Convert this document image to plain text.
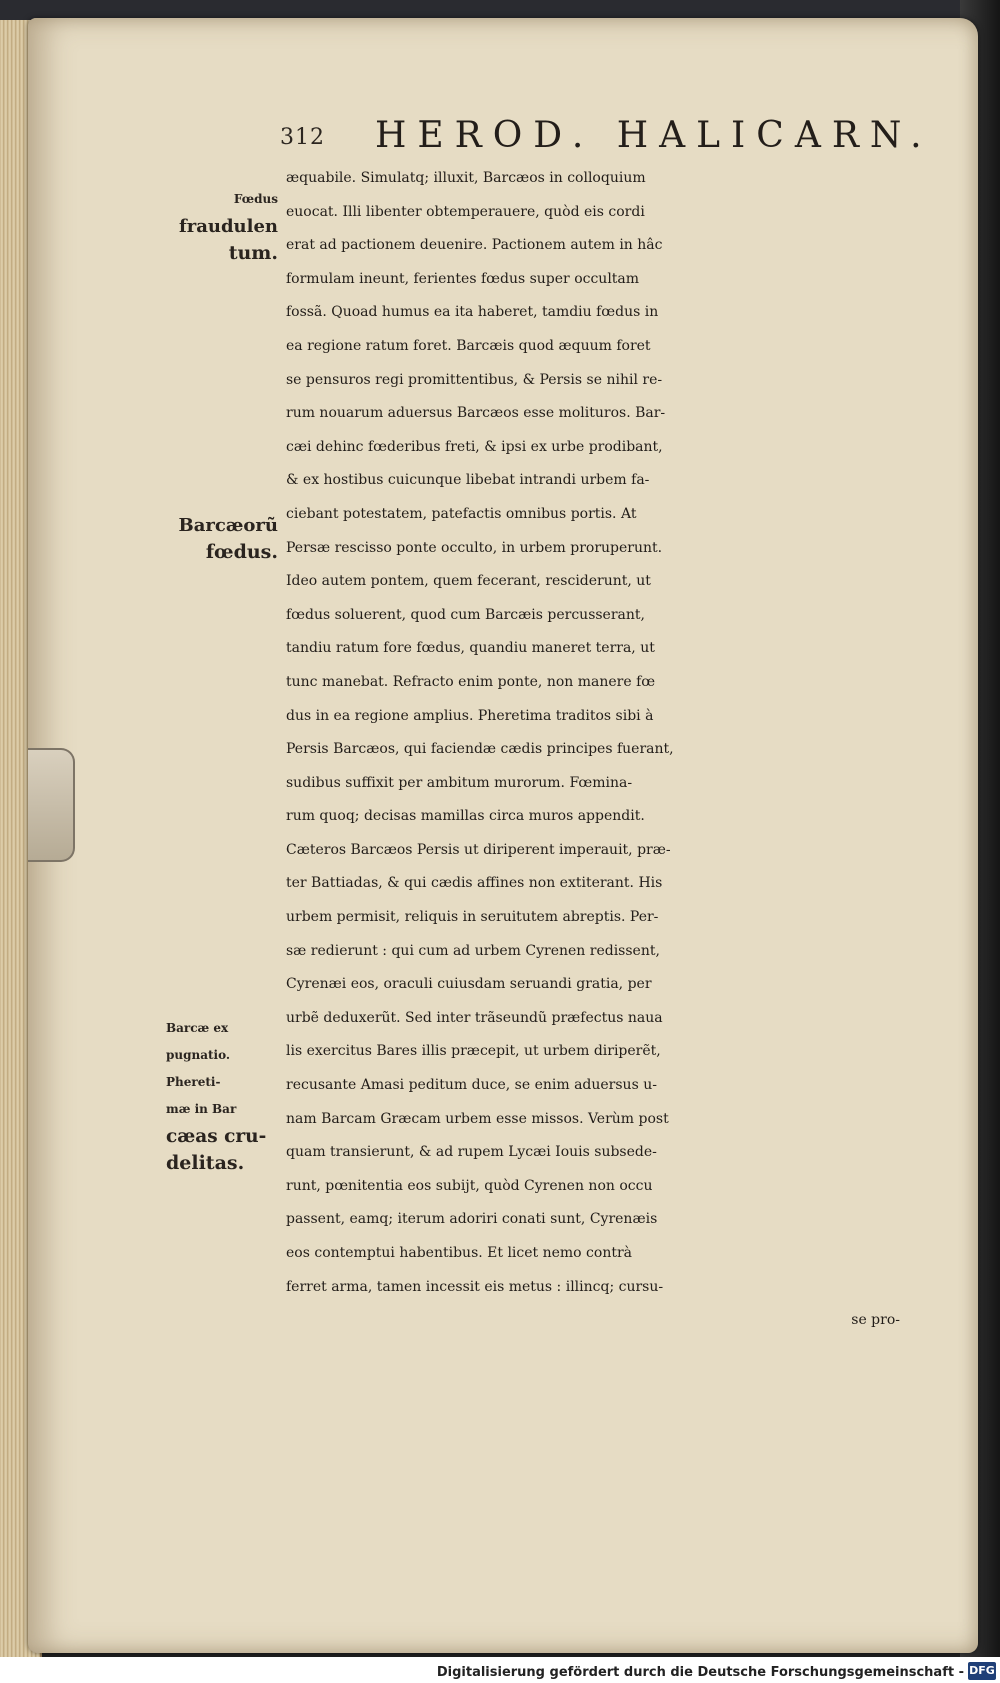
312 HEROD. HALICARN.
Fœdus
fraudulen
tum.
Barcæorũ
fœdus.
Barcæ ex
pugnatio.
Phereti-
mæ in Bar
cæas cru-
delitas.
æquabile. Simulatq; illuxit, Barcæos in colloquium
euocat. Illi libenter obtemperauere, quòd eis cordi
erat ad pactionem deuenire. Pactionem autem in hâc
formulam ineunt, ferientes fœdus super occultam
fossã. Quoad humus ea ita haberet, tamdiu fœdus in
ea regione ratum foret. Barcæis quod æquum foret
se pensuros regi promittentibus, & Persis se nihil re-
rum nouarum aduersus Barcæos esse molituros. Bar-
cæi dehinc fœderibus freti, & ipsi ex urbe prodibant,
& ex hostibus cuicunque libebat intrandi urbem fa-
ciebant potestatem, patefactis omnibus portis. At
Persæ rescisso ponte occulto, in urbem proruperunt.
Ideo autem pontem, quem fecerant, resciderunt, ut
fœdus soluerent, quod cum Barcæis percusserant,
tandiu ratum fore fœdus, quandiu maneret terra, ut
tunc manebat. Refracto enim ponte, non manere fœ
dus in ea regione amplius. Pheretima traditos sibi à
Persis Barcæos, qui faciendæ cædis principes fuerant,
sudibus suffixit per ambitum murorum. Fœmina-
rum quoq; decisas mamillas circa muros appendit.
Cæteros Barcæos Persis ut diriperent imperauit, præ-
ter Battiadas, & qui cædis affines non extiterant. His
urbem permisit, reliquis in seruitutem abreptis. Per-
sæ redierunt : qui cum ad urbem Cyrenen redissent,
Cyrenæi eos, oraculi cuiusdam seruandi gratia, per
urbẽ deduxerũt. Sed inter trãseundũ præfectus naua
lis exercitus Bares illis præcepit, ut urbem diriperẽt,
recusante Amasi peditum duce, se enim aduersus u-
nam Barcam Græcam urbem esse missos. Verùm post
quam transierunt, & ad rupem Lycæi Iouis subsede-
runt, pœnitentia eos subijt, quòd Cyrenen non occu
passent, eamq; iterum adoriri conati sunt, Cyrenæis
eos contemptui habentibus. Et licet nemo contrà
ferret arma, tamen incessit eis metus : illincq; cursu-
se pro-
Digitalisierung gefördert durch die Deutsche Forschungsgemeinschaft - DFG
